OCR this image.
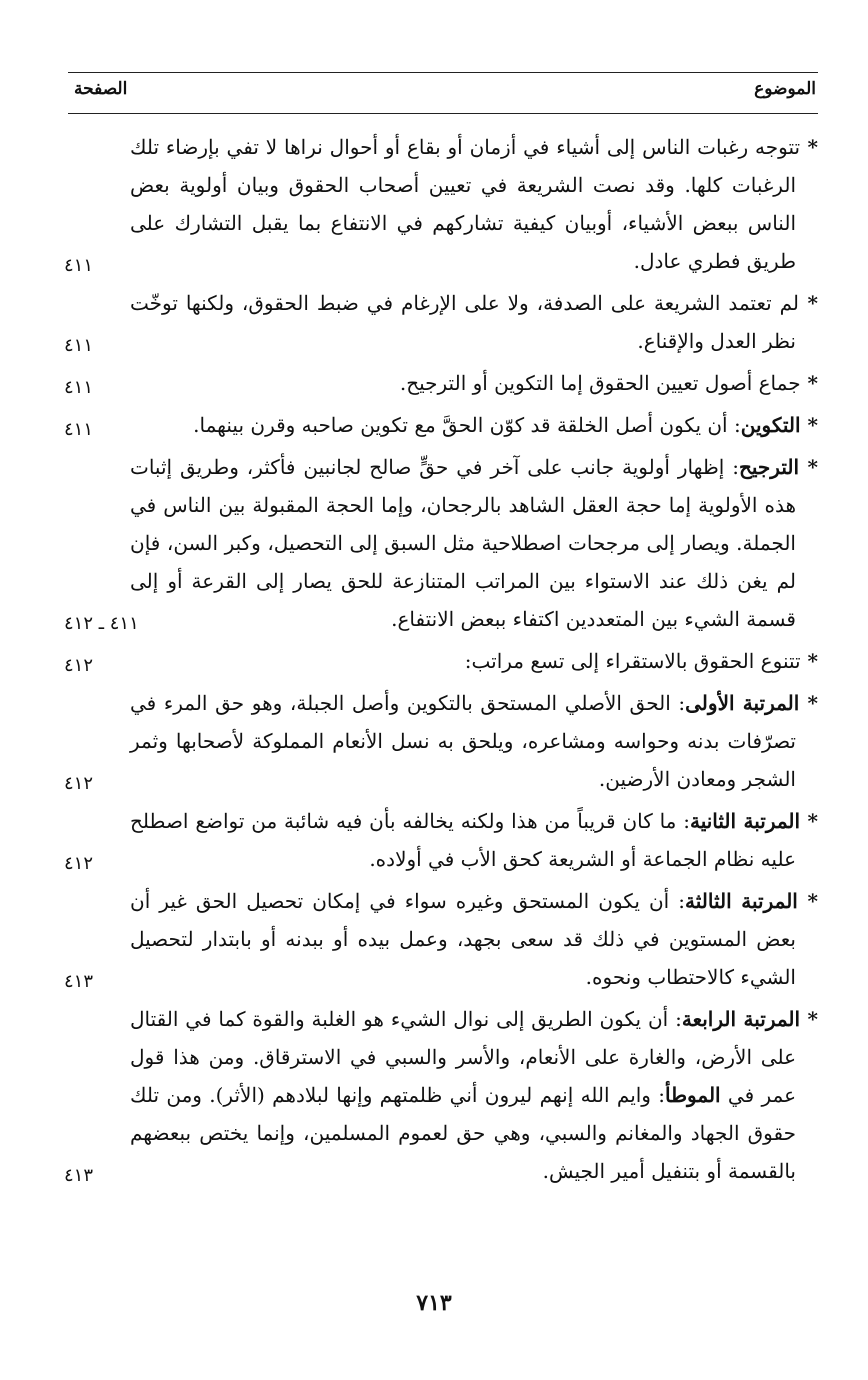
الموضوع
الصفحة
* تتوجه رغبات الناس إلى أشياء في أزمان أو بقاع أو أحوال نراها لا تفي بإرضاء تلك الرغبات كلها. وقد نصت الشريعة في تعيين أصحاب الحقوق وبيان أولوية بعض الناس ببعض الأشياء، أوبيان كيفية تشاركهم في الانتفاع بما يقبل التشارك على طريق فطري عادل.
٤١١
* لم تعتمد الشريعة على الصدفة، ولا على الإرغام في ضبط الحقوق، ولكنها توخّت نظر العدل والإقناع.
٤١١
* جماع أصول تعيين الحقوق إما التكوين أو الترجيح.
٤١١
* التكوين: أن يكون أصل الخلقة قد كوّن الحقَّ مع تكوين صاحبه وقرن بينهما.
٤١١
* الترجيح: إظهار أولوية جانب على آخر في حقٍّ صالح لجانبين فأكثر، وطريق إثبات هذه الأولوية إما حجة العقل الشاهد بالرجحان، وإما الحجة المقبولة بين الناس في الجملة. ويصار إلى مرجحات اصطلاحية مثل السبق إلى التحصيل، وكبر السن، فإن لم يغن ذلك عند الاستواء بين المراتب المتنازعة للحق يصار إلى القرعة أو إلى قسمة الشيء بين المتعددين اكتفاء ببعض الانتفاع.
٤١١ ـ ٤١٢
* تتنوع الحقوق بالاستقراء إلى تسع مراتب:
٤١٢
* المرتبة الأولى: الحق الأصلي المستحق بالتكوين وأصل الجبلة، وهو حق المرء في تصرّفات بدنه وحواسه ومشاعره، ويلحق به نسل الأنعام المملوكة لأصحابها وثمر الشجر ومعادن الأرضين.
٤١٢
* المرتبة الثانية: ما كان قريباً من هذا ولكنه يخالفه بأن فيه شائبة من تواضع اصطلح عليه نظام الجماعة أو الشريعة كحق الأب في أولاده.
٤١٢
* المرتبة الثالثة: أن يكون المستحق وغيره سواء في إمكان تحصيل الحق غير أن بعض المستوين في ذلك قد سعى بجهد، وعمل بيده أو ببدنه أو بابتدار لتحصيل الشيء كالاحتطاب ونحوه.
٤١٣
* المرتبة الرابعة: أن يكون الطريق إلى نوال الشيء هو الغلبة والقوة كما في القتال على الأرض، والغارة على الأنعام، والأسر والسبي في الاسترقاق. ومن هذا قول عمر في الموطأ: وايم الله إنهم ليرون أني ظلمتهم وإنها لبلادهم (الأثر). ومن تلك حقوق الجهاد والمغانم والسبي، وهي حق لعموم المسلمين، وإنما يختص ببعضهم بالقسمة أو بتنفيل أمير الجيش.
٤١٣
٧١٣
